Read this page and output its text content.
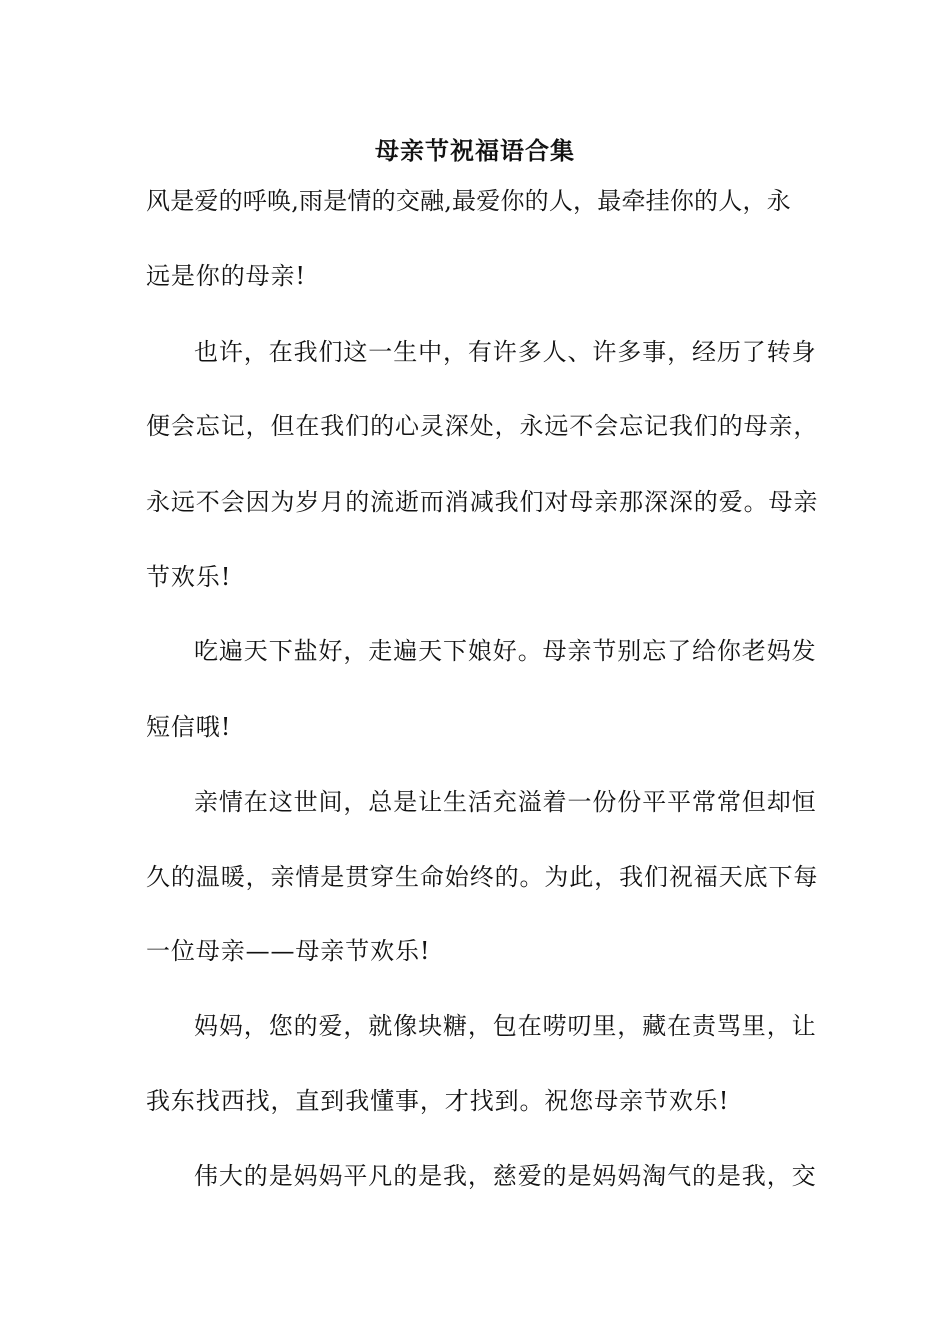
母亲节祝福语合集
风是爱的呼唤,雨是情的交融,最爱你的人，最牵挂你的人，永
远是你的母亲!
也许，在我们这一生中，有许多人、许多事，经历了转身
便会忘记，但在我们的心灵深处，永远不会忘记我们的母亲，
永远不会因为岁月的流逝而消减我们对母亲那深深的爱。母亲
节欢乐!
吃遍天下盐好，走遍天下娘好。母亲节别忘了给你老妈发
短信哦!
亲情在这世间，总是让生活充溢着一份份平平常常但却恒
久的温暖，亲情是贯穿生命始终的。为此，我们祝福天底下每
一位母亲——母亲节欢乐!
妈妈，您的爱，就像块糖，包在唠叨里，藏在责骂里，让
我东找西找，直到我懂事，才找到。祝您母亲节欢乐!
伟大的是妈妈平凡的是我，慈爱的是妈妈淘气的是我，交
